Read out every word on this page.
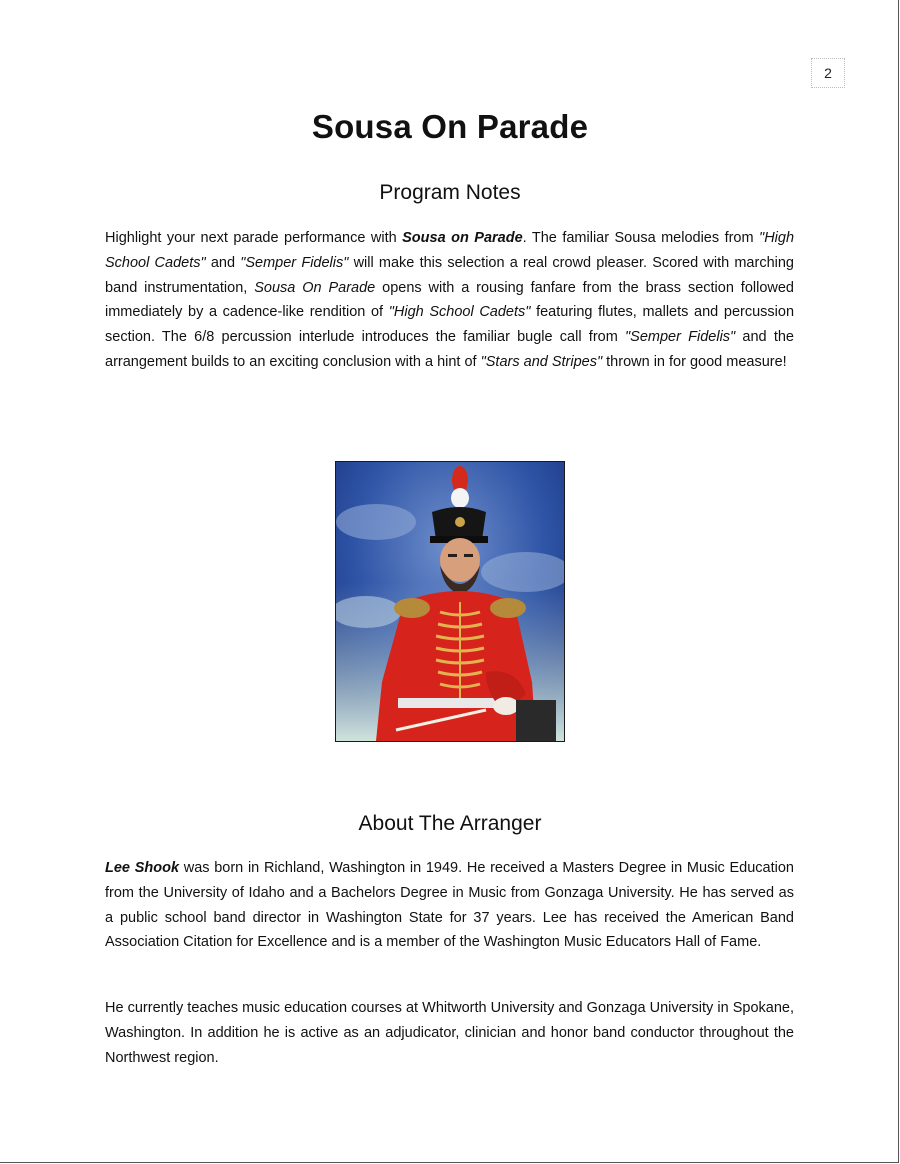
2
Sousa On Parade
Program Notes

Highlight your next parade performance with Sousa on Parade. The familiar Sousa melodies from "High School Cadets" and "Semper Fidelis" will make this selection a real crowd pleaser. Scored with marching band instrumentation, Sousa On Parade opens with a rousing fanfare from the brass section followed immediately by a cadence-like rendition of "High School Cadets" featuring flutes, mallets and percussion section. The 6/8 percussion interlude introduces the familiar bugle call from "Semper Fidelis" and the arrangement builds to an exciting conclusion with a hint of "Stars and Stripes" thrown in for good measure!

About The Arranger

Lee Shook was born in Richland, Washington in 1949. He received a Masters Degree in Music Education from the University of Idaho and a Bachelors Degree in Music from Gonzaga University. He has served as a public school band director in Washington State for 37 years. Lee has received the American Band Association Citation for Excellence and is a member of the Washington Music Educators Hall of Fame.

He currently teaches music education courses at Whitworth University and Gonzaga University in Spokane, Washington. In addition he is active as an adjudicator, clinician and honor band conductor throughout the Northwest region.
